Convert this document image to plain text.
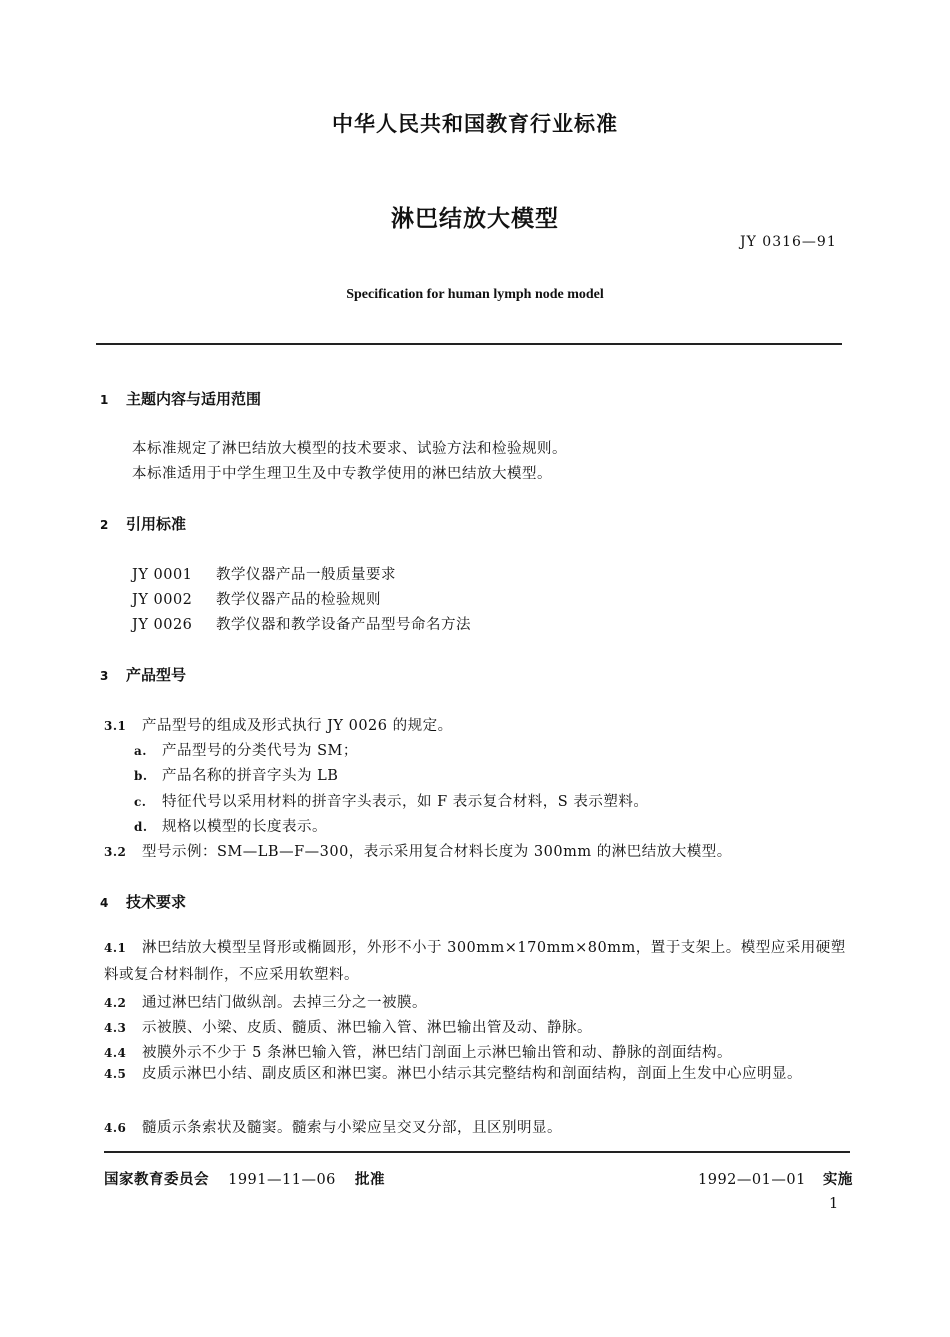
中华人民共和国教育行业标准
淋巴结放大模型
JY 0316—91
Specification for human lymph node model
1 主题内容与适用范围
本标准规定了淋巴结放大模型的技术要求、试验方法和检验规则。
本标准适用于中学生理卫生及中专教学使用的淋巴结放大模型。
2 引用标准
JY 0001 教学仪器产品一般质量要求
JY 0002 教学仪器产品的检验规则
JY 0026 教学仪器和教学设备产品型号命名方法
3 产品型号
3.1 产品型号的组成及形式执行 JY 0026 的规定。
a. 产品型号的分类代号为 SM；
b. 产品名称的拼音字头为 LB
c. 特征代号以采用材料的拼音字头表示，如 F 表示复合材料，S 表示塑料。
d. 规格以模型的长度表示。
3.2 型号示例：SM—LB—F—300，表示采用复合材料长度为 300mm 的淋巴结放大模型。
4 技术要求
4.1 淋巴结放大模型呈肾形或椭圆形，外形不小于 300mm×170mm×80mm，置于支架上。模型应采用硬塑料或复合材料制作，不应采用软塑料。
4.2 通过淋巴结门做纵剖。去掉三分之一被膜。
4.3 示被膜、小梁、皮质、髓质、淋巴输入管、淋巴输出管及动、静脉。
4.4 被膜外示不少于 5 条淋巴输入管，淋巴结门剖面上示淋巴输出管和动、静脉的剖面结构。
4.5 皮质示淋巴小结、副皮质区和淋巴窦。淋巴小结示其完整结构和剖面结构，剖面上生发中心应明显。
4.6 髓质示条索状及髓窦。髓索与小梁应呈交叉分部，且区别明显。
国家教育委员会 1991—11—06 批准	1992—01—01 实施
1
